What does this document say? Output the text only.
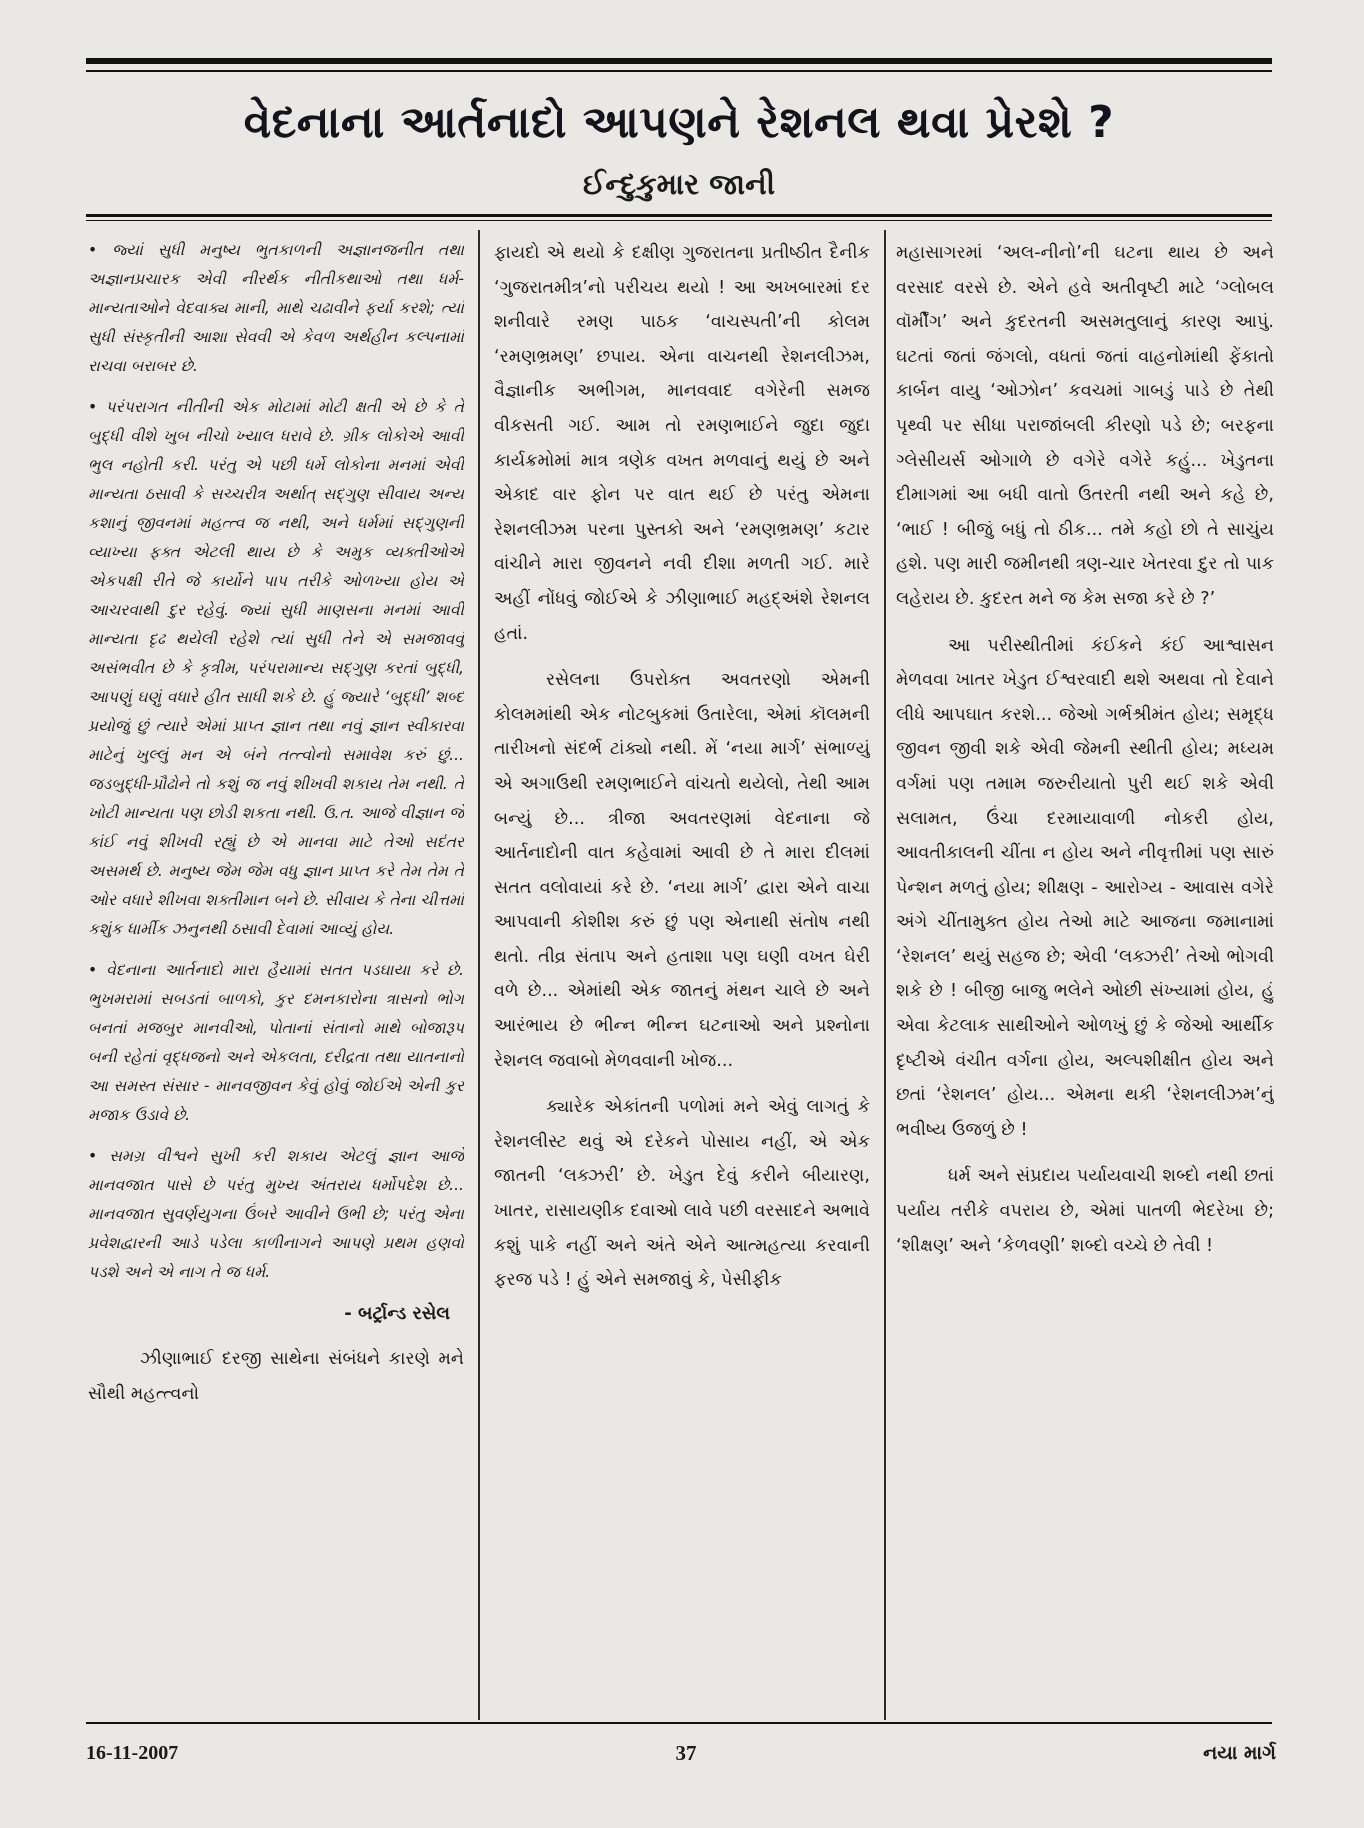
વેદનાના આર્તનાદો આપણને રેશનલ થવા પ્રેરશે ?
ઈન્દુકુમાર જાની

• જ્યાં સુધી મનુષ્ય ભુતકાળની અજ્ઞાનજનીત તથા અજ્ઞાનપ્રચારક એવી નીરર્થક નીતીકથાઓ તથા ધર્મ-માન્યતાઓને વેદવાક્ય માની, માથે ચઢાવીને ફર્યા કરશે; ત્યાં સુધી સંસ્કૃતીની આશા સેવવી એ કેવળ અર્થહીન કલ્પનામાં રાચવા બરાબર છે.

• પરંપરાગત નીતીની એક મોટામાં મોટી ક્ષતી એ છે કે તે બુદ્ધી વીશે ખુબ નીચો ખ્યાલ ધરાવે છે. ગ્રીક લોકોએ આવી ભુલ નહોતી કરી. પરંતુ એ પછી ધર્મે લોકોના મનમાં એવી માન્યતા ઠસાવી કે સચ્ચરીત્ર અર્થાત્ સદ્ગુણ સીવાય અન્ય કશાનું જીવનમાં મહત્ત્વ જ નથી, અને ધર્મમાં સદ્ગુણની વ્યાખ્યા ફક્ત એટલી થાય છે કે અમુક વ્યક્તીઓએ એકપક્ષી રીતે જે કાર્યોને પાપ તરીકે ઓળખ્યા હોય એ આચરવાથી દુર રહેવું. જ્યાં સુધી માણસના મનમાં આવી માન્યતા દૃઢ થયેલી રહેશે ત્યાં સુધી તેને એ સમજાવવું અસંભવીત છે કે કૃત્રીમ, પરંપરામાન્ય સદ્ગુણ કરતાં બુદ્ધી, આપણું ઘણું વધારે હીત સાધી શકે છે. હું જ્યારે ‘બુદ્ધી’ શબ્દ પ્રયોજું છું ત્યારે એમાં પ્રાપ્ત જ્ઞાન તથા નવું જ્ઞાન સ્વીકારવા માટેનું ખુલ્લું મન એ બંને તત્ત્વોનો સમાવેશ કરું છું... જડબુદ્ધી-પ્રૌઢોને તો કશું જ નવું શીખવી શકાય તેમ નથી. તે ખોટી માન્યતા પણ છોડી શકતા નથી. ઉ.ત. આજે વીજ્ઞાન જે કાંઈ નવું શીખવી રહ્યું છે એ માનવા માટે તેઓ સદંતર અસમર્થ છે. મનુષ્ય જેમ જેમ વધુ જ્ઞાન પ્રાપ્ત કરે તેમ તેમ તે ઓર વધારે શીખવા શક્તીમાન બને છે. સીવાય કે તેના ચીત્તમાં કશુંક ધાર્મીક ઝનુનથી ઠસાવી દેવામાં આવ્યું હોય.

• વેદનાના આર્તનાદો મારા હૈયામાં સતત પડઘાયા કરે છે. ભુખમરામાં સબડતાં બાળકો, કુર દમનકારોના ત્રાસનો ભોગ બનતાં મજબુર માનવીઓ, પોતાનાં સંતાનો માથે બોજારૂપ બની રહેતાં વૃદ્ધજનો અને એકલતા, દરીદ્રતા તથા યાતનાનો આ સમસ્ત સંસાર - માનવજીવન કેવું હોવું જોઈએ એની કુર મજાક ઉડાવે છે.

• સમગ્ર વીશ્વને સુખી કરી શકાય એટલું જ્ઞાન આજે માનવજાત પાસે છે પરંતુ મુખ્ય અંતરાય ધર્મોપદેશ છે... માનવજાત સુવર્ણયુગના ઉંબરે આવીને ઉભી છે; પરંતુ એના પ્રવેશદ્વારની આડે પડેલા કાળીનાગને આપણે પ્રથમ હણવો પડશે અને એ નાગ તે જ ધર્મ.

- બર્ટ્રાન્ડ રસેલ

ઝીણાભાઈ દરજી સાથેના સંબંધને કારણે મને સૌથી મહત્ત્વનો

ફાયદો એ થયો કે દક્ષીણ ગુજરાતના પ્રતીષ્ઠીત દૈનીક ‘ગુજરાતમીત્ર’નો પરીચય થયો ! આ અખબારમાં દર શનીવારે રમણ પાઠક ‘વાચસ્પતી’ની કોલમ ‘રમણભ્રમણ’ છપાય. એના વાચનથી રેશનલીઝમ, વૈજ્ઞાનીક અભીગમ, માનવવાદ વગેરેની સમજ વીકસતી ગઈ. આમ તો રમણભાઈને જુદા જુદા કાર્યક્રમોમાં માત્ર ત્રણેક વખત મળવાનું થયું છે અને એકાદ વાર ફોન પર વાત થઈ છે પરંતુ એમના રેશનલીઝમ પરના પુસ્તકો અને ‘રમણભ્રમણ’ કટાર વાંચીને મારા જીવનને નવી દીશા મળતી ગઈ. મારે અહીં નોંધવું જોઈએ કે ઝીણાભાઈ મહદ્અંશે રેશનલ હતાં.

રસેલના ઉપરોક્ત અવતરણો એમની કોલમમાંથી એક નોટબુકમાં ઉતારેલા, એમાં કૉલમની તારીખનો સંદર્ભ ટાંક્યો નથી. મેં ‘નયા માર્ગ’ સંભાળ્યું એ અગાઉથી રમણભાઈને વાંચતો થયેલો, તેથી આમ બન્યું છે... ત્રીજા અવતરણમાં વેદનાના જે આર્તનાદોની વાત કહેવામાં આવી છે તે મારા દીલમાં સતત વલોવાયાં કરે છે. ‘નયા માર્ગ’ દ્વારા એને વાચા આપવાની કોશીશ કરું છું પણ એનાથી સંતોષ નથી થતો. તીવ્ર સંતાપ અને હતાશા પણ ઘણી વખત ઘેરી વળે છે... એમાંથી એક જાતનું મંથન ચાલે છે અને આરંભાય છે ભીન્ન ભીન્ન ઘટનાઓ અને પ્રશ્નોના રેશનલ જવાબો મેળવવાની ખોજ...

ક્યારેક એકાંતની પળોમાં મને એવું લાગતું કે રેશનલીસ્ટ થવું એ દરેકને પોસાય નહીં, એ એક જાતની ‘લક્ઝરી’ છે. ખેડુત દેવું કરીને બીયારણ, ખાતર, રાસાયણીક દવાઓ લાવે પછી વરસાદને અભાવે કશું પાકે નહીં અને અંતે એને આત્મહત્યા કરવાની ફરજ પડે ! હું એને સમજાવું કે, પેસીફીક

મહાસાગરમાં ‘અલ-નીનો’ની ઘટના થાય છે અને વરસાદ વરસે છે. એને હવે અતીવૃષ્ટી માટે ‘ગ્લોબલ વૉર્મીંગ’ અને કુદરતની અસમતુલાનું કારણ આપું. ઘટતાં જતાં જંગલો, વધતાં જતાં વાહનોમાંથી ફેંકાતો કાર્બન વાયુ ‘ઓઝોન’ કવચમાં ગાબડું પાડે છે તેથી પૃથ્વી પર સીધા પરાજાંબલી કીરણો પડે છે; બરફના ગ્લેસીયર્સ ઓગાળે છે વગેરે વગેરે કહું... ખેડુતના દીમાગમાં આ બધી વાતો ઉતરતી નથી અને કહે છે, ‘ભાઈ ! બીજું બધું તો ઠીક... તમે કહો છો તે સાચુંય હશે. પણ મારી જમીનથી ત્રણ-ચાર ખેતરવા દુર તો પાક લહેરાય છે. કુદરત મને જ કેમ સજા કરે છે ?’

આ પરીસ્થીતીમાં કંઈકને કંઈ આશ્વાસન મેળવવા ખાતર ખેડુત ઈશ્વરવાદી થશે અથવા તો દેવાને લીધે આપઘાત કરશે... જેઓ ગર્ભશ્રીમંત હોય; સમૃદ્ધ જીવન જીવી શકે એવી જેમની સ્થીતી હોય; મધ્યમ વર્ગમાં પણ તમામ જરુરીયાતો પુરી થઈ શકે એવી સલામત, ઉંચા દરમાયાવાળી નોકરી હોય, આવતીકાલની ચીંતા ન હોય અને નીવૃત્તીમાં પણ સારું પેન્શન મળતું હોય; શીક્ષણ - આરોગ્ય - આવાસ વગેરે અંગે ચીંતામુક્ત હોય તેઓ માટે આજના જમાનામાં ‘રેશનલ’ થયું સહજ છે; એવી ‘લક્ઝરી’ તેઓ ભોગવી શકે છે ! બીજી બાજુ ભલેને ઓછી સંખ્યામાં હોય, હું એવા કેટલાક સાથીઓને ઓળખું છું કે જેઓ આર્થીક દૃષ્ટીએ વંચીત વર્ગના હોય, અલ્પશીક્ષીત હોય અને છતાં ‘રેશનલ’ હોય... એમના થકી ‘રેશનલીઝમ’નું ભવીષ્ય ઉજળું છે !

ધર્મ અને સંપ્રદાય પર્યાયવાચી શબ્દો નથી છતાં પર્યાય તરીકે વપરાય છે, એમાં પાતળી ભેદરેખા છે; ‘શીક્ષણ’ અને ‘કેળવણી’ શબ્દો વચ્ચે છે તેવી !

16-11-2007	37	નયા માર્ગ
